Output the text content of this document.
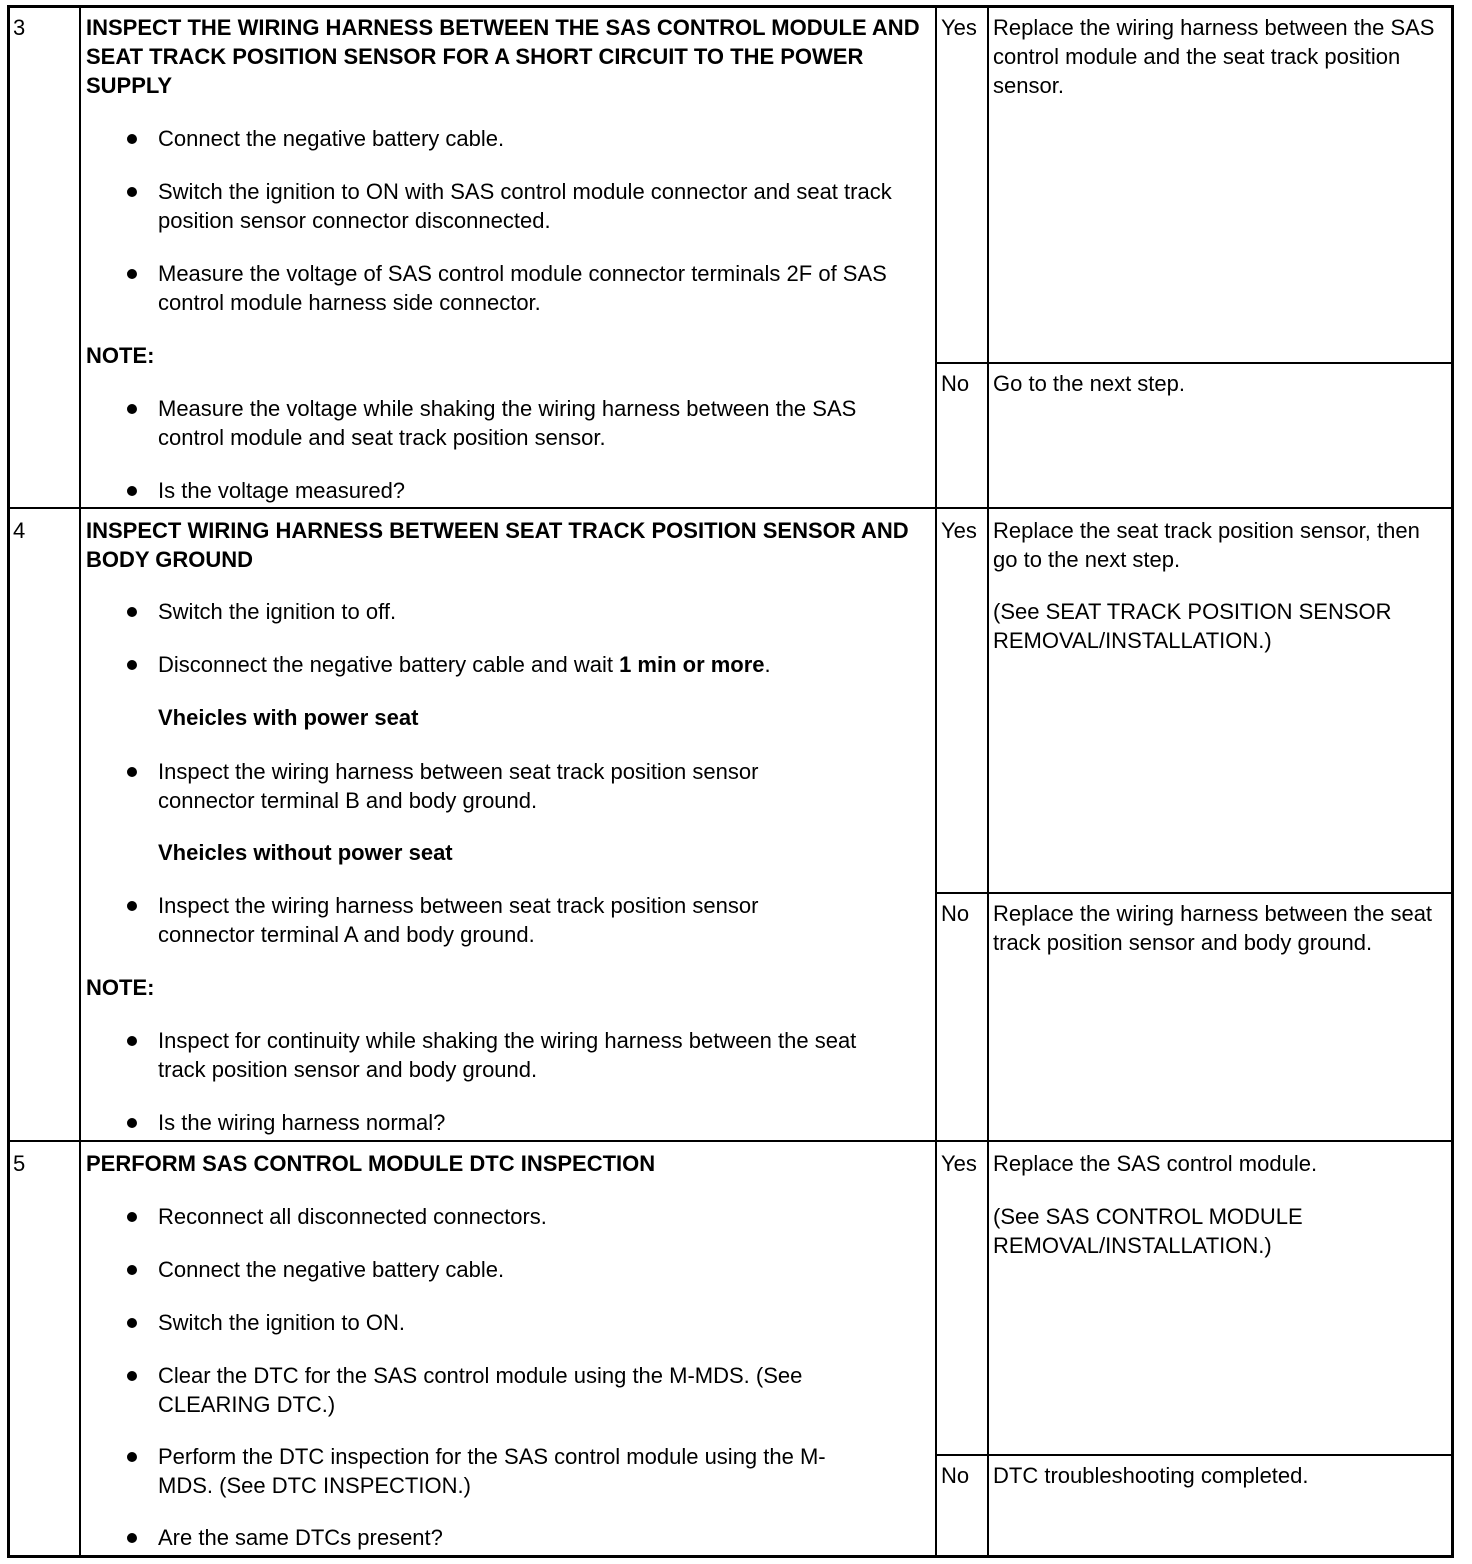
3	INSPECT THE WIRING HARNESS BETWEEN THE SAS CONTROL MODULE AND SEAT TRACK POSITION SENSOR FOR A SHORT CIRCUIT TO THE POWER SUPPLY
Connect the negative battery cable.
Switch the ignition to ON with SAS control module connector and seat track position sensor connector disconnected.
Measure the voltage of SAS control module connector terminals 2F of SAS control module harness side connector.
NOTE:
Measure the voltage while shaking the wiring harness between the SAS control module and seat track position sensor.
Is the voltage measured?
Yes Replace the wiring harness between the SAS control module and the seat track position sensor.
No Go to the next step.
4	INSPECT WIRING HARNESS BETWEEN SEAT TRACK POSITION SENSOR AND BODY GROUND
Switch the ignition to off.
Disconnect the negative battery cable and wait 1 min or more.
Vheicles with power seat
Inspect the wiring harness between seat track position sensor connector terminal B and body ground.
Vheicles without power seat
Inspect the wiring harness between seat track position sensor connector terminal A and body ground.
NOTE:
Inspect for continuity while shaking the wiring harness between the seat track position sensor and body ground.
Is the wiring harness normal?
Yes Replace the seat track position sensor, then go to the next step.
(See SEAT TRACK POSITION SENSOR REMOVAL/INSTALLATION.)
No Replace the wiring harness between the seat track position sensor and body ground.
5	PERFORM SAS CONTROL MODULE DTC INSPECTION
Reconnect all disconnected connectors.
Connect the negative battery cable.
Switch the ignition to ON.
Clear the DTC for the SAS control module using the M-MDS. (See CLEARING DTC.)
Perform the DTC inspection for the SAS control module using the M-MDS. (See DTC INSPECTION.)
Are the same DTCs present?
Yes Replace the SAS control module.
(See SAS CONTROL MODULE REMOVAL/INSTALLATION.)
No DTC troubleshooting completed.
